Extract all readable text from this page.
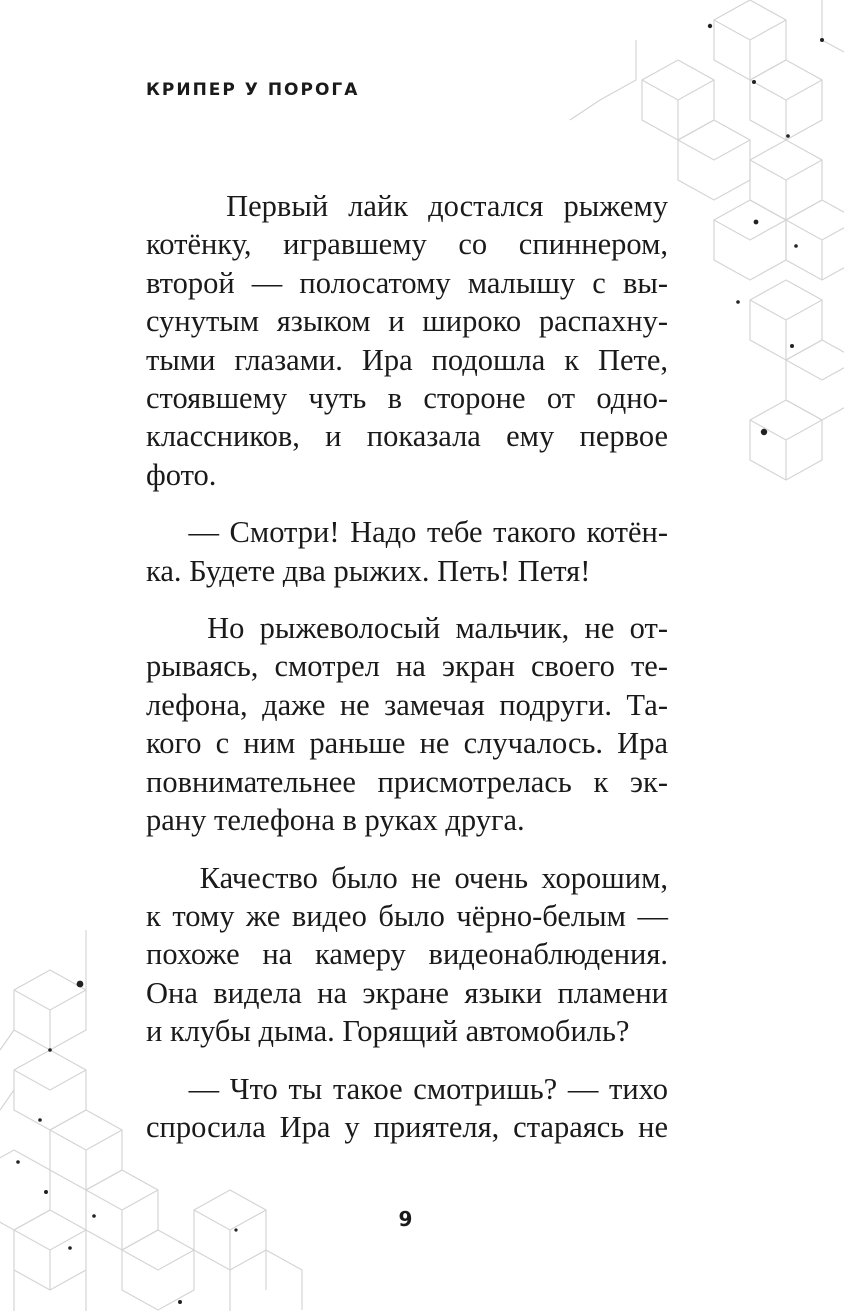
КРИПЕР У ПОРОГА

Первый лайк достался рыжему
котёнку, игравшему со спиннером,
второй — полосатому малышу с вы-
сунутым языком и широко распахну-
тыми глазами. Ира подошла к Пете,
стоявшему чуть в стороне от одно-
классников, и показала ему первое
фото.

— Смотри! Надо тебе такого котён-
ка. Будете два рыжих. Петь! Петя!

Но рыжеволосый мальчик, не от-
рываясь, смотрел на экран своего те-
лефона, даже не замечая подруги. Та-
кого с ним раньше не случалось. Ира
повнимательнее присмотрелась к эк-
рану телефона в руках друга.

Качество было не очень хорошим,
к тому же видео было чёрно-белым —
похоже на камеру видеонаблюдения.
Она видела на экране языки пламени
и клубы дыма. Горящий автомобиль?

— Что ты такое смотришь? — тихо
спросила Ира у приятеля, стараясь не

9
